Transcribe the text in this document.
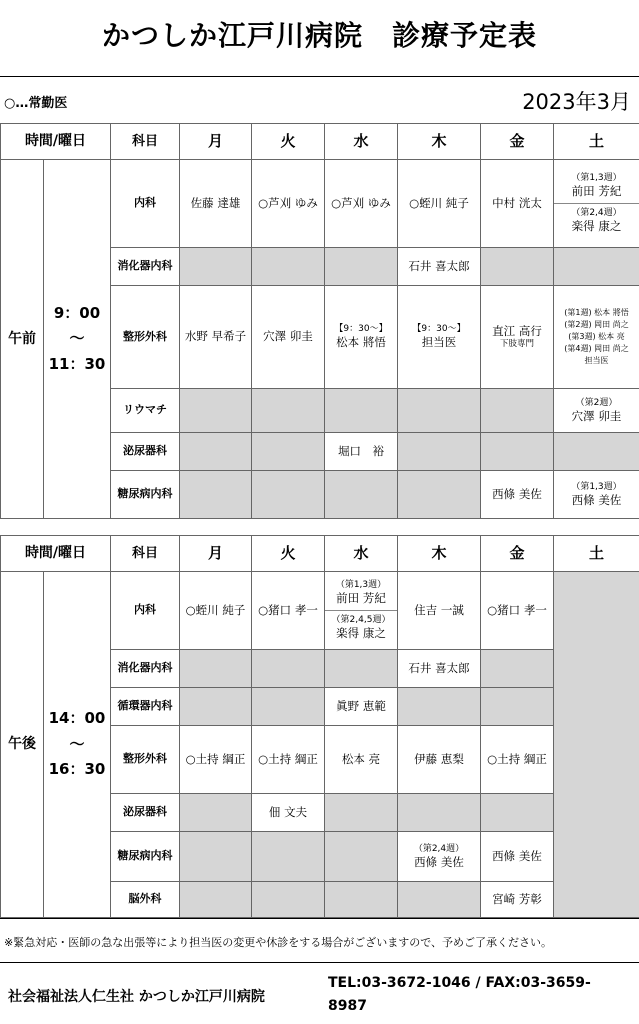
かつしか江戸川病院　診療予定表
○…常勤医	2023年3月
時間/曜日		科目	月	火	水	木	金	土
午前	9：00
～
11：30	内科	佐藤 達雄	○芦刈 ゆみ	○芦刈 ゆみ	○蛭川 純子	中村 洸太	（第1,3週）
前田 芳紀
（第2,4週）
楽得 康之

		消化器内科				石井 喜太郎		

		整形外科	水野 早希子	穴澤 卯圭	【9：30～】
松本 將悟	【9：30～】
担当医	直江 高行
下肢専門	(第1週) 松本 將悟
(第2週) 岡田 尚之
(第3週) 松本 亮
(第4週) 岡田 尚之
担当医

		リウマチ						（第2週）
穴澤 卯圭

		泌尿器科			堀口　裕			

		糖尿病内科					西條 美佐	（第1,3週）
西條 美佐
時間/曜日		科目	月	火	水	木	金	土
午後	14：00
～
16：30	内科	○蛭川 純子	○猪口 孝一	（第1,3週）
前田 芳紀
（第2,4,5週）
楽得 康之	住吉 一誠	○猪口 孝一	

		消化器内科				石井 喜太郎		

		循環器内科			眞野 恵範			

		整形外科	○土持 綱正	○土持 綱正	松本 亮	伊藤 恵梨	○土持 綱正	

		泌尿器科		佃 文夫				

		糖尿病内科				（第2,4週）
西條 美佐	西條 美佐	

		脳外科					宮崎 芳彰	
※緊急対応・医師の急な出張等により担当医の変更や休診をする場合がございますので、予めご了承ください。
社会福祉法人仁生社 かつしか江戸川病院
TEL:03-3672-1046 / FAX:03-3659-8987
